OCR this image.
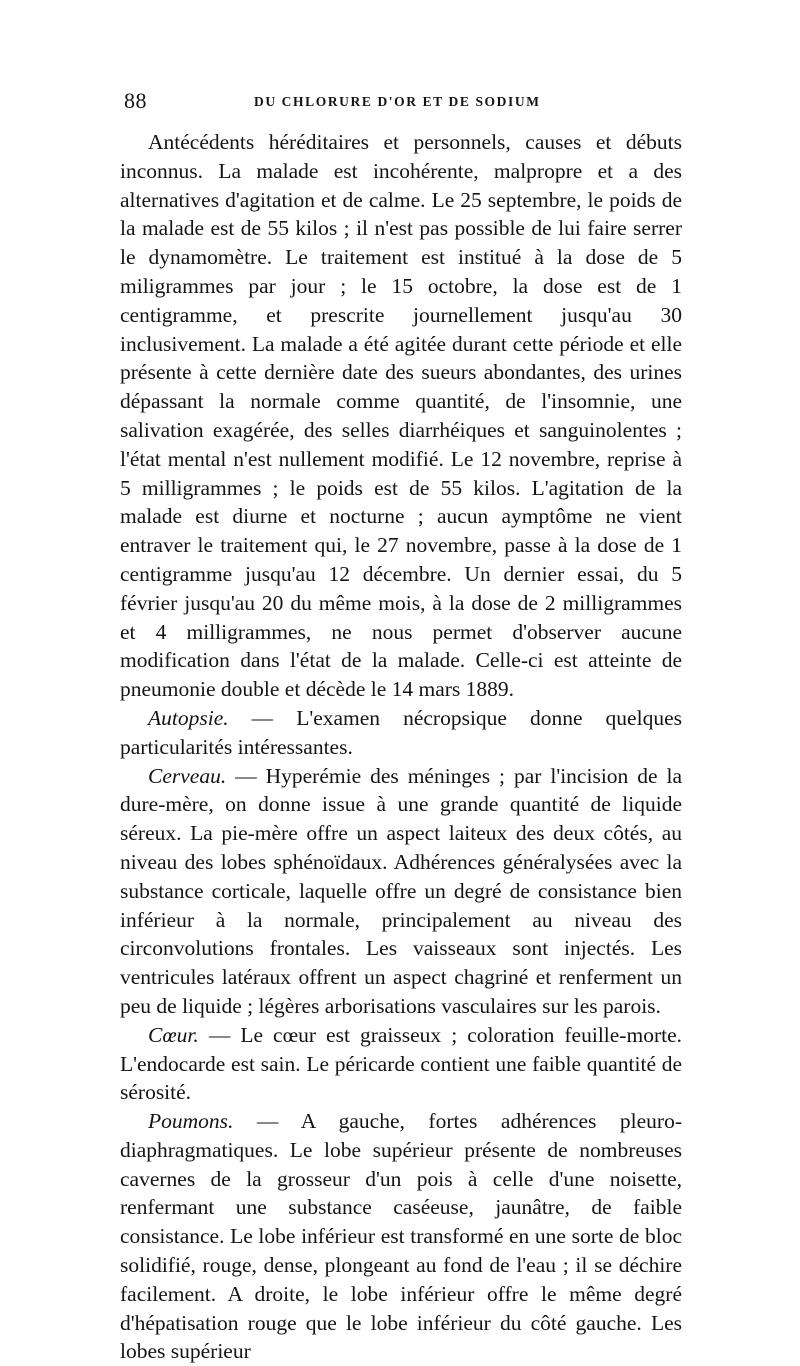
88	DU CHLORURE D'OR ET DE SODIUM

Antécédents héréditaires et personnels, causes et débuts inconnus. La malade est incohérente, malpropre et a des alternatives d'agitation et de calme. Le 25 septembre, le poids de la malade est de 55 kilos ; il n'est pas possible de lui faire serrer le dynamomètre. Le traitement est institué à la dose de 5 miligrammes par jour ; le 15 octobre, la dose est de 1 centigramme, et prescrite journellement jusqu'au 30 inclusivement. La malade a été agitée durant cette période et elle présente à cette dernière date des sueurs abondantes, des urines dépassant la normale comme quantité, de l'insomnie, une salivation exagérée, des selles diarrhéiques et sanguinolentes ; l'état mental n'est nullement modifié. Le 12 novembre, reprise à 5 milligrammes ; le poids est de 55 kilos. L'agitation de la malade est diurne et nocturne ; aucun aymptôme ne vient entraver le traitement qui, le 27 novembre, passe à la dose de 1 centigramme jusqu'au 12 décembre. Un dernier essai, du 5 février jusqu'au 20 du même mois, à la dose de 2 milligrammes et 4 milligrammes, ne nous permet d'observer aucune modification dans l'état de la malade. Celle-ci est atteinte de pneumonie double et décède le 14 mars 1889.

Autopsie. — L'examen nécropsique donne quelques particularités intéressantes.

Cerveau. — Hyperémie des méninges ; par l'incision de la dure-mère, on donne issue à une grande quantité de liquide séreux. La pie-mère offre un aspect laiteux des deux côtés, au niveau des lobes sphénoïdaux. Adhérences généralysées avec la substance corticale, laquelle offre un degré de consistance bien inférieur à la normale, principalement au niveau des circonvolutions frontales. Les vaisseaux sont injectés. Les ventricules latéraux offrent un aspect chagriné et renferment un peu de liquide ; légères arborisations vasculaires sur les parois.

Cœur. — Le cœur est graisseux ; coloration feuille-morte. L'endocarde est sain. Le péricarde contient une faible quantité de sérosité.

Poumons. — A gauche, fortes adhérences pleuro-diaphragmatiques. Le lobe supérieur présente de nombreuses cavernes de la grosseur d'un pois à celle d'une noisette, renfermant une substance caséeuse, jaunâtre, de faible consistance. Le lobe inférieur est transformé en une sorte de bloc solidifié, rouge, dense, plongeant au fond de l'eau ; il se déchire facilement. A droite, le lobe inférieur offre le même degré d'hépatisation rouge que le lobe inférieur du côté gauche. Les lobes supérieur
